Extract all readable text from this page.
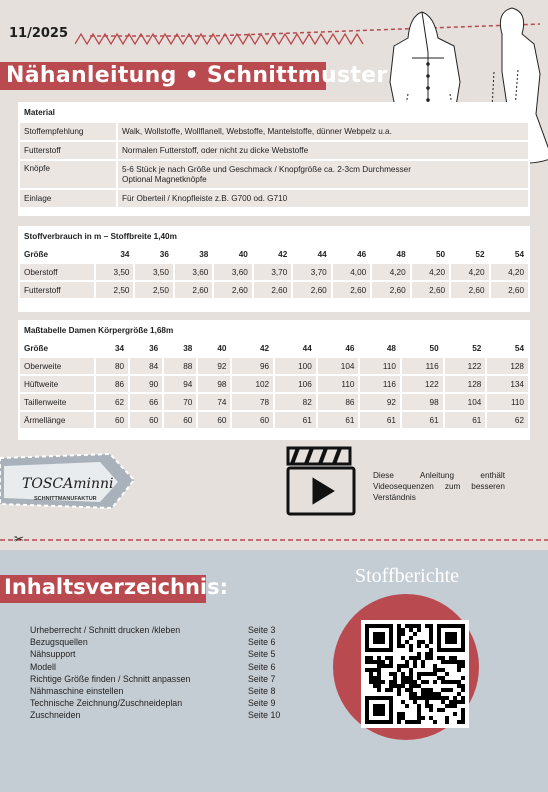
11/2025
Nähanleitung • Schnittmuster
Material	
Stoffempfehlung	Walk, Wollstoffe, Wollflanell, Webstoffe, Mantelstoffe, dünner Webpelz u.a.
Futterstoff	Normalen Futterstoff, oder nicht zu dicke Webstoffe
Knöpfe	5-6 Stück je nach Größe und Geschmack / Knopfgröße ca. 2-3cm Durchmesser
Optional Magnetknöpfe

Einlage	Für Oberteil / Knopfleiste z.B. G700 od. G710
Stoffverbrauch in m – Stoffbreite 1,40m
Größe	34	36	38	40	42	44	46	48	50	52	54
Oberstoff	3,50	3,50	3,60	3,60	3,70	3,70	4,00	4,20	4,20	4,20	4,20
Futterstoff	2,50	2,50	2,60	2,60	2,60	2,60	2,60	2,60	2,60	2,60	2,60
Maßtabelle Damen Körpergröße 1,68m
Größe	34	36	38	40	42	44	46	48	50	52	54
Oberweite	80	84	88	92	96	100	104	110	116	122	128
Hüftweite	86	90	94	98	102	106	110	116	122	128	134
Taillenweite	62	66	70	74	78	82	86	92	98	104	110
Ärmellänge	60	60	60	60	60	61	61	61	61	61	62
TOSCAminni
SCHNITTMANUFAKTUR
Diese Anleitung enthält Videosequenzen zum besseren Verständnis
✂
Inhaltsverzeichnis:
Urheberrecht / Schnitt drucken /kleben	Seite 3
Bezugsquellen	Seite 6
Nähsupport	Seite 5
Modell	Seite 6
Richtige Größe finden / Schnitt anpassen	Seite 7
Nähmaschine einstellen	Seite 8
Technische Zeichnung/Zuschneideplan	Seite 9
Zuschneiden	Seite 10
Stoffberichte
